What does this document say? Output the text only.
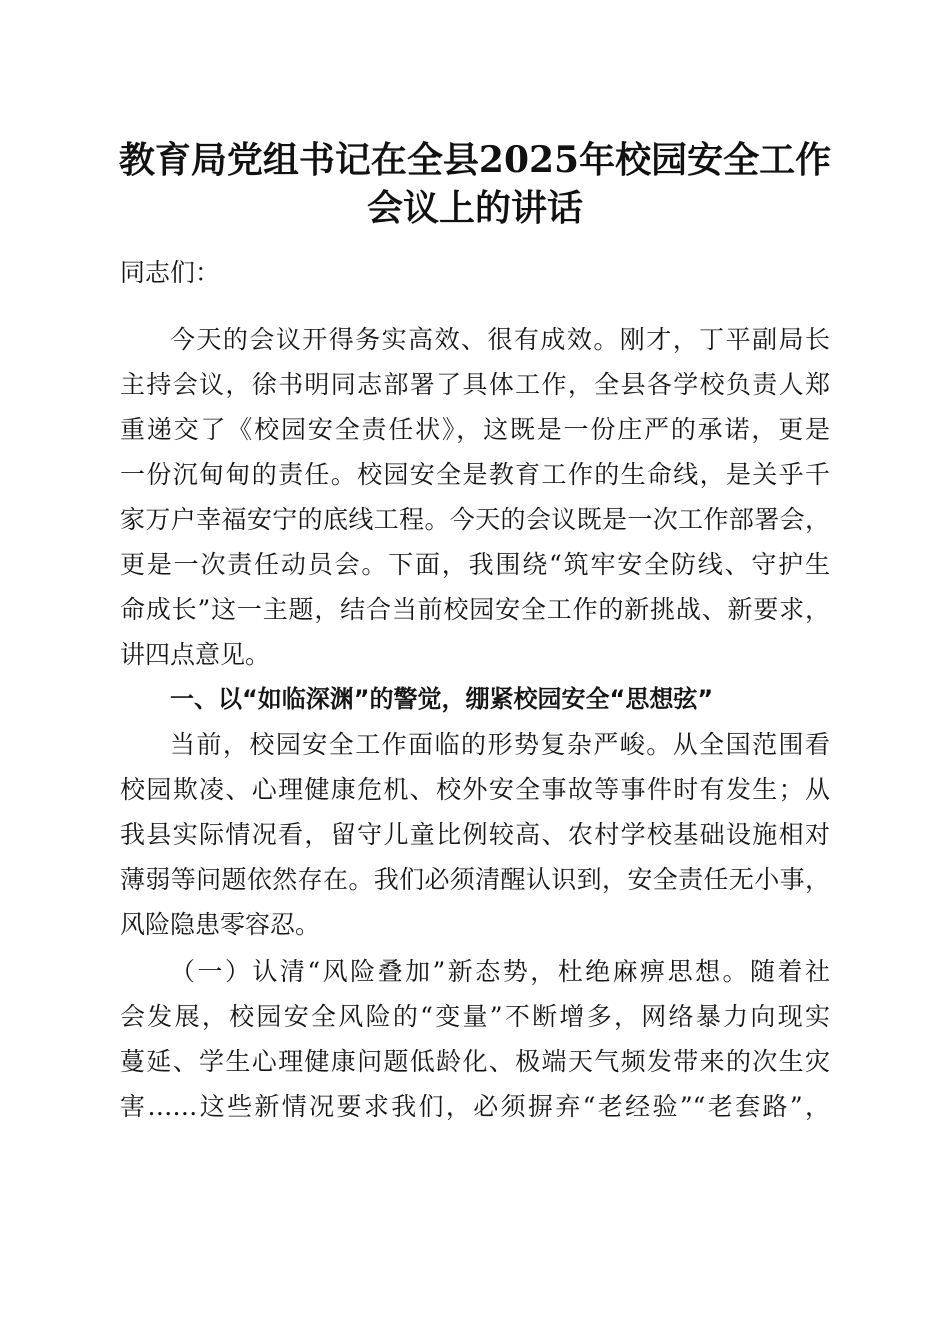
教育局党组书记在全县2025年校园安全工作
会议上的讲话
同志们：
今天的会议开得务实高效、很有成效。刚才，丁平副局长
主持会议，徐书明同志部署了具体工作，全县各学校负责人郑
重递交了《校园安全责任状》，这既是一份庄严的承诺，更是
一份沉甸甸的责任。校园安全是教育工作的生命线，是关乎千
家万户幸福安宁的底线工程。今天的会议既是一次工作部署会，
更是一次责任动员会。下面，我围绕“筑牢安全防线、守护生
命成长”这一主题，结合当前校园安全工作的新挑战、新要求，
讲四点意见。
一、以“如临深渊”的警觉，绷紧校园安全“思想弦”
当前，校园安全工作面临的形势复杂严峻。从全国范围看
校园欺凌、心理健康危机、校外安全事故等事件时有发生；从
我县实际情况看，留守儿童比例较高、农村学校基础设施相对
薄弱等问题依然存在。我们必须清醒认识到，安全责任无小事，
风险隐患零容忍。
（一）认清“风险叠加”新态势，杜绝麻痹思想。随着社
会发展，校园安全风险的“变量”不断增多，网络暴力向现实
蔓延、学生心理健康问题低龄化、极端天气频发带来的次生灾
害……这些新情况要求我们，必须摒弃“老经验”“老套路”，
